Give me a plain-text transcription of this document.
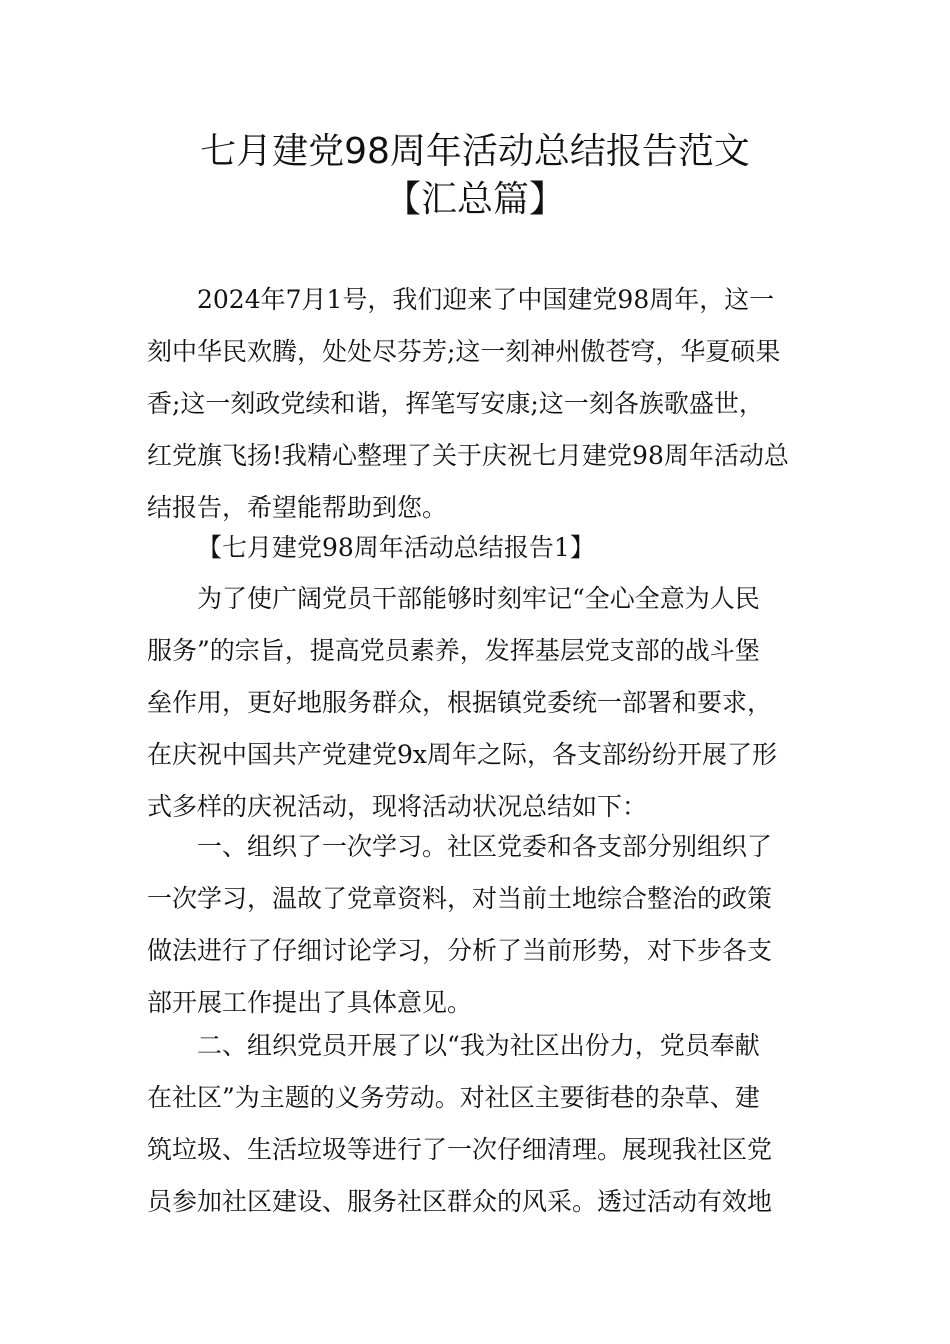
七月建党98周年活动总结报告范文
【汇总篇】
2024年7月1号，我们迎来了中国建党98周年，这一
刻中华民欢腾，处处尽芬芳;这一刻神州傲苍穹，华夏硕果
香;这一刻政党续和谐，挥笔写安康;这一刻各族歌盛世，
红党旗飞扬!我精心整理了关于庆祝七月建党98周年活动总
结报告，希望能帮助到您。
【七月建党98周年活动总结报告1】
为了使广阔党员干部能够时刻牢记“全心全意为人民
服务”的宗旨，提高党员素养，发挥基层党支部的战斗堡
垒作用，更好地服务群众，根据镇党委统一部署和要求，
在庆祝中国共产党建党9x周年之际，各支部纷纷开展了形
式多样的庆祝活动，现将活动状况总结如下：
一、组织了一次学习。社区党委和各支部分别组织了
一次学习，温故了党章资料，对当前土地综合整治的政策
做法进行了仔细讨论学习，分析了当前形势，对下步各支
部开展工作提出了具体意见。
二、组织党员开展了以“我为社区出份力，党员奉献
在社区”为主题的义务劳动。对社区主要街巷的杂草、建
筑垃圾、生活垃圾等进行了一次仔细清理。展现我社区党
员参加社区建设、服务社区群众的风采。透过活动有效地
